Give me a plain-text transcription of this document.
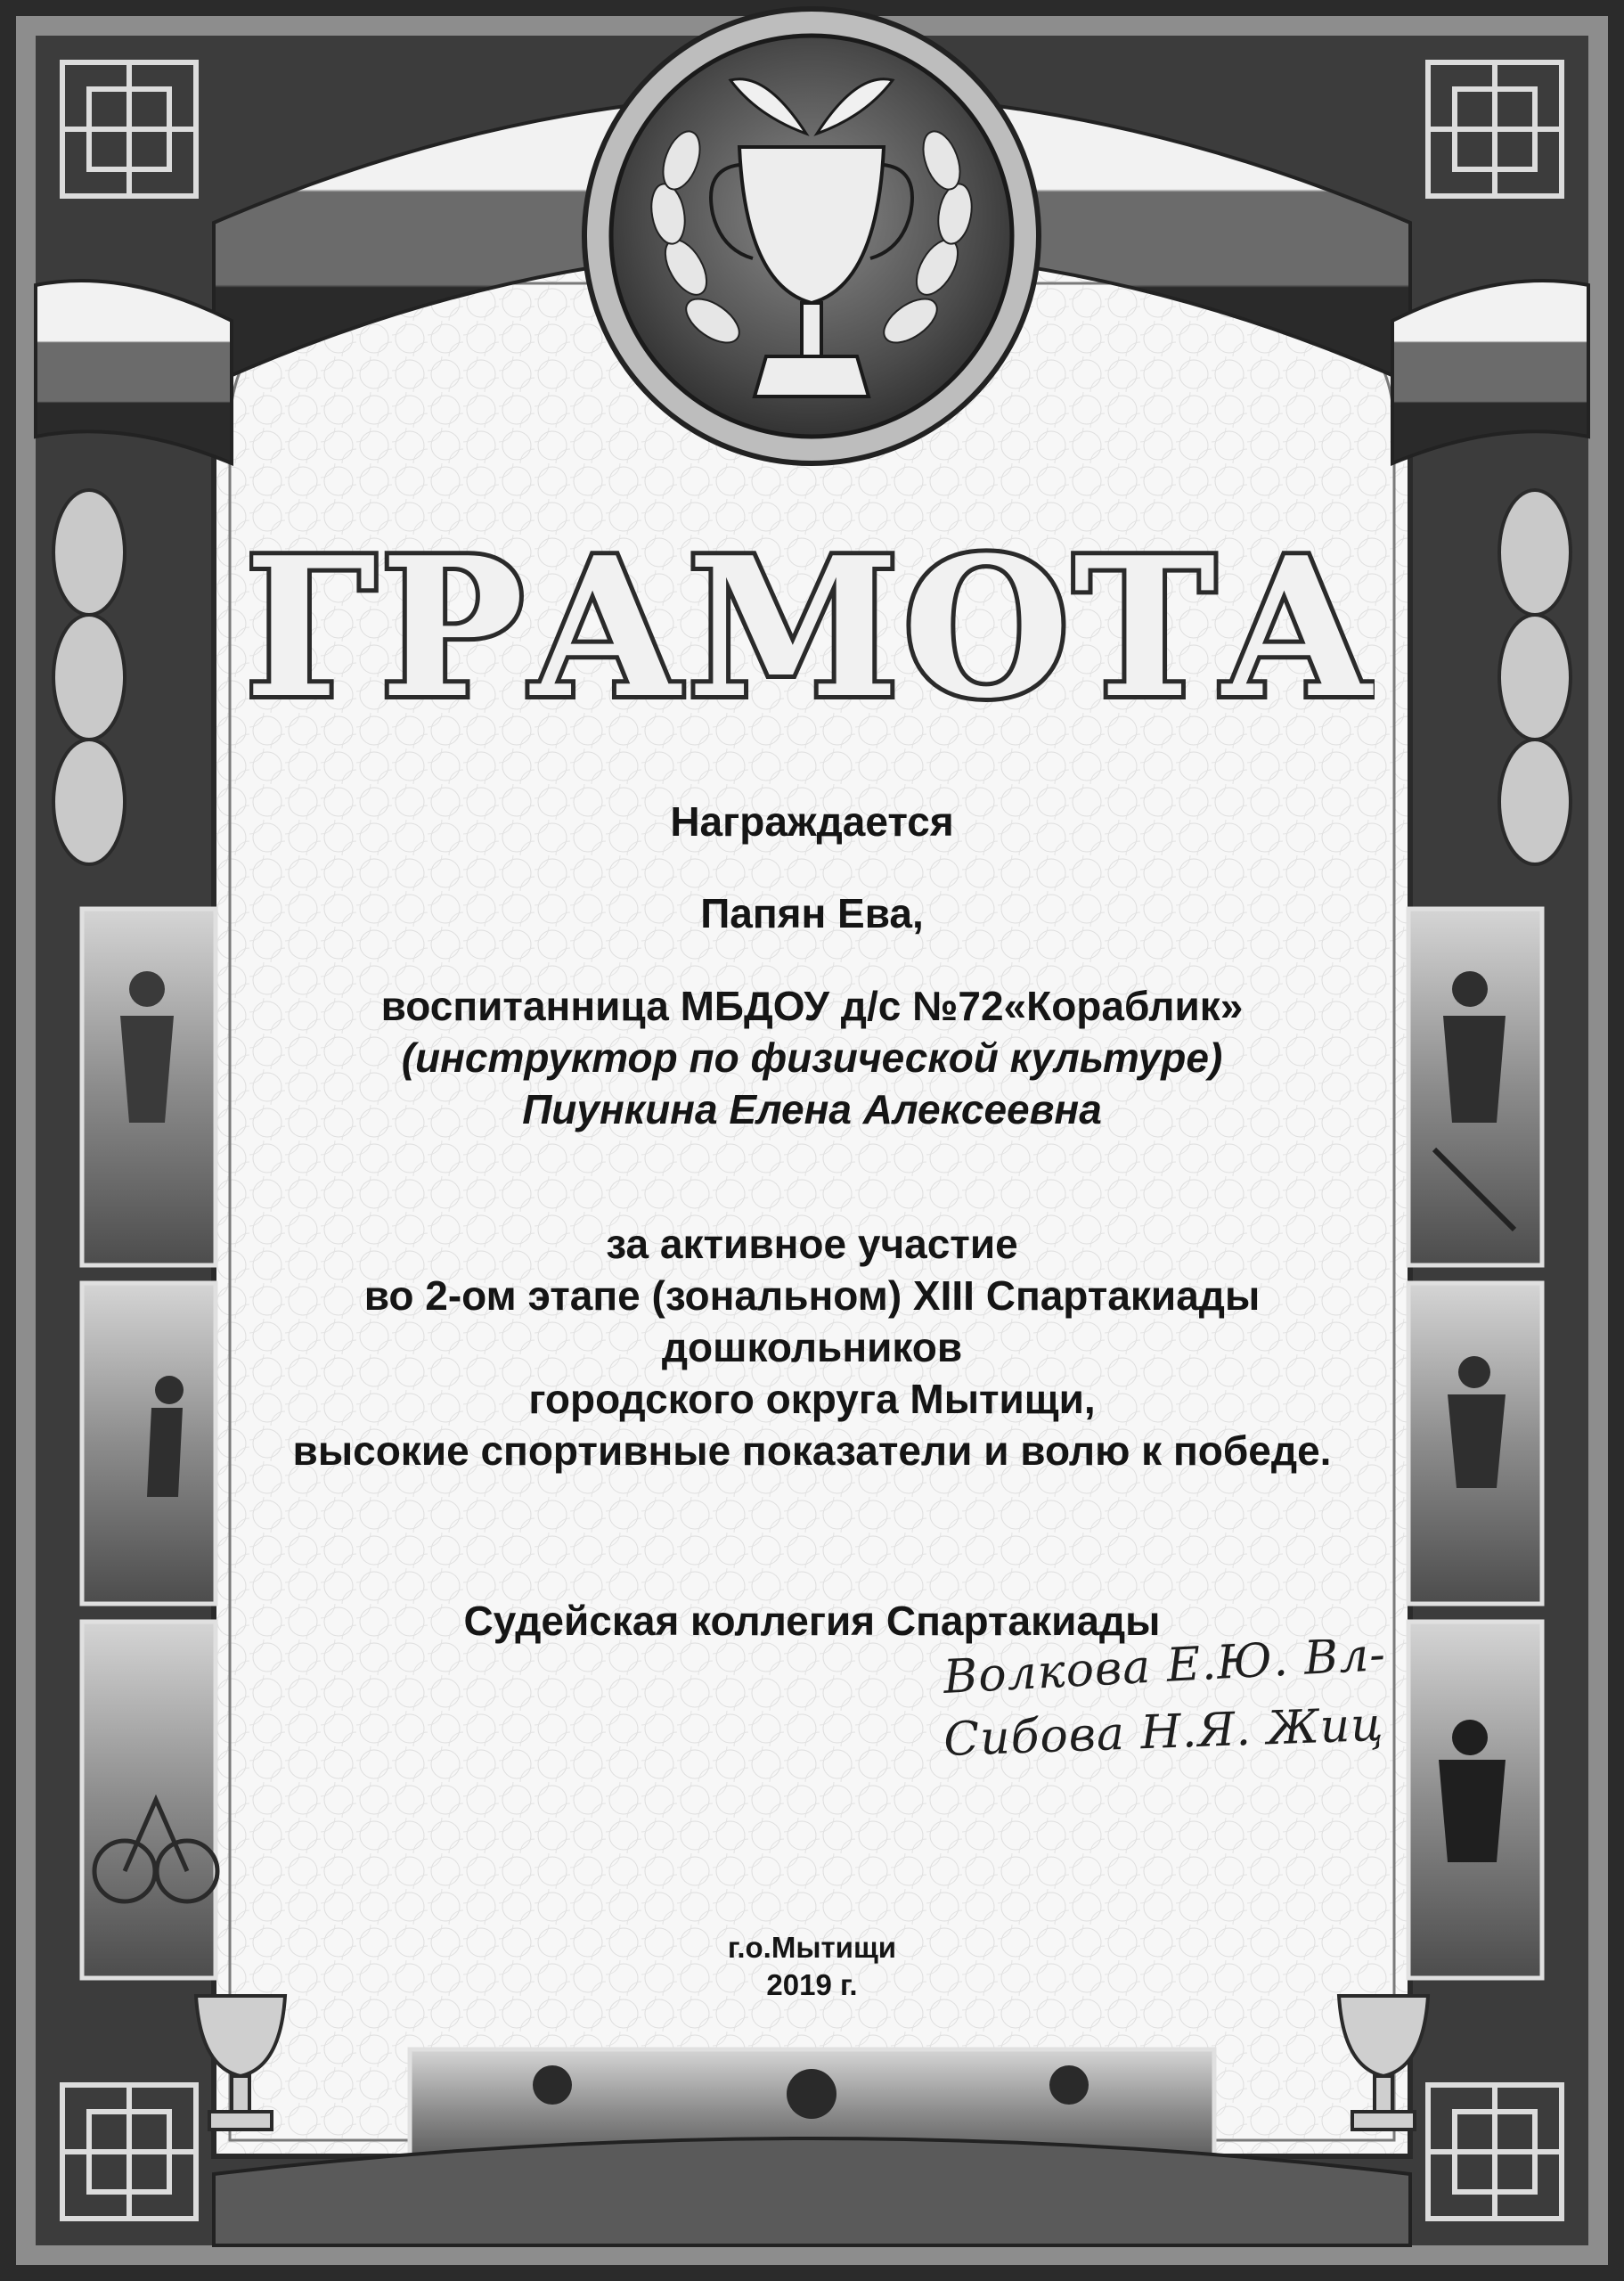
ГРАМОТА
Награждается
Папян Ева,
воспитанница МБДОУ д/с №72«Кораблик»
(инструктор по физической культуре)
Пиункина Елена Алексеевна
за активное участие
во 2-ом этапе (зональном) XIII Спартакиады
дошкольников
городского округа Мытищи,
высокие спортивные показатели и волю к победе.
Судейская коллегия Спартакиады
Волкова Е.Ю. Вл-
Сибова Н.Я. Жиц
г.о.Мытищи
2019 г.
